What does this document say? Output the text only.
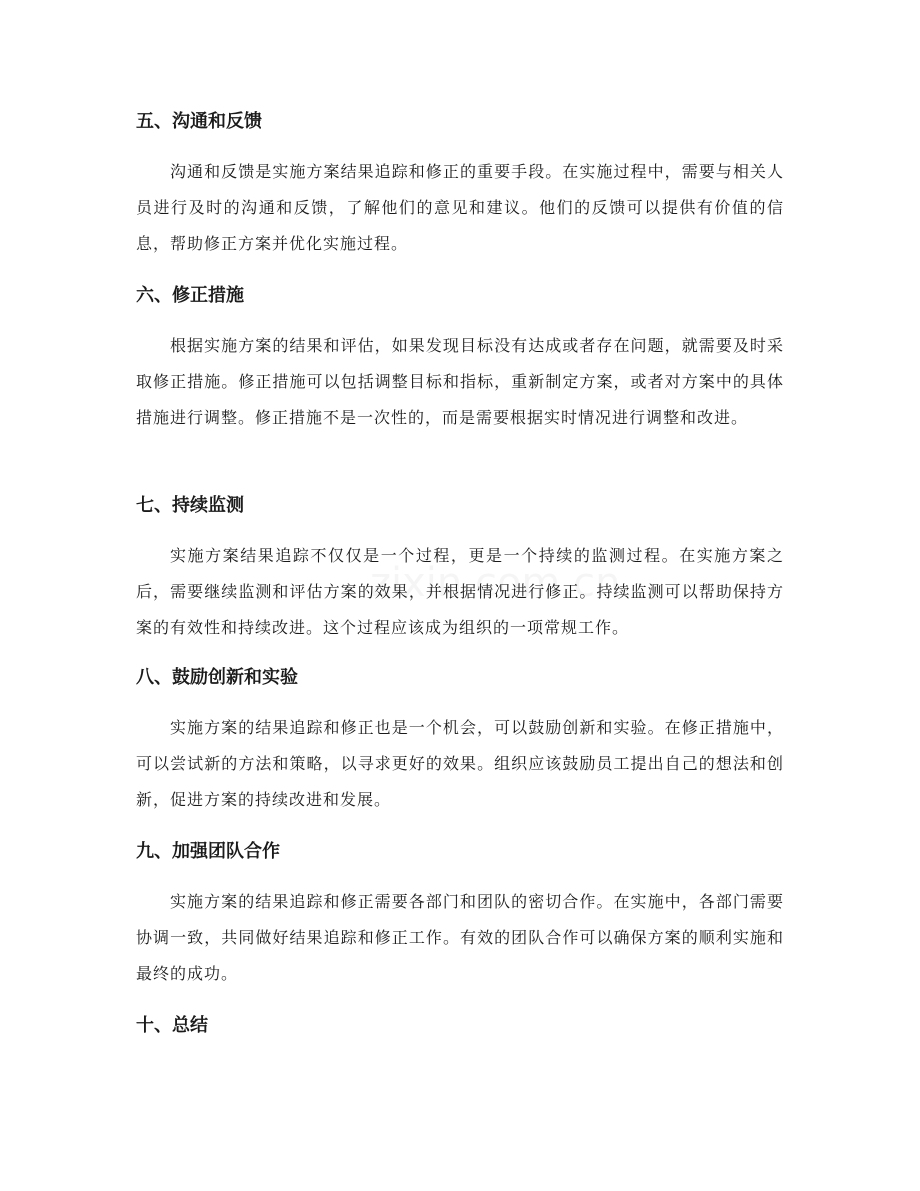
五、沟通和反馈

沟通和反馈是实施方案结果追踪和修正的重要手段。在实施过程中，需要与相关人员进行及时的沟通和反馈，了解他们的意见和建议。他们的反馈可以提供有价值的信息，帮助修正方案并优化实施过程。

六、修正措施

根据实施方案的结果和评估，如果发现目标没有达成或者存在问题，就需要及时采取修正措施。修正措施可以包括调整目标和指标，重新制定方案，或者对方案中的具体措施进行调整。修正措施不是一次性的，而是需要根据实时情况进行调整和改进。

七、持续监测

实施方案结果追踪不仅仅是一个过程，更是一个持续的监测过程。在实施方案之后，需要继续监测和评估方案的效果，并根据情况进行修正。持续监测可以帮助保持方案的有效性和持续改进。这个过程应该成为组织的一项常规工作。

八、鼓励创新和实验

实施方案的结果追踪和修正也是一个机会，可以鼓励创新和实验。在修正措施中，可以尝试新的方法和策略，以寻求更好的效果。组织应该鼓励员工提出自己的想法和创新，促进方案的持续改进和发展。

九、加强团队合作

实施方案的结果追踪和修正需要各部门和团队的密切合作。在实施中，各部门需要协调一致，共同做好结果追踪和修正工作。有效的团队合作可以确保方案的顺利实施和最终的成功。

十、总结
